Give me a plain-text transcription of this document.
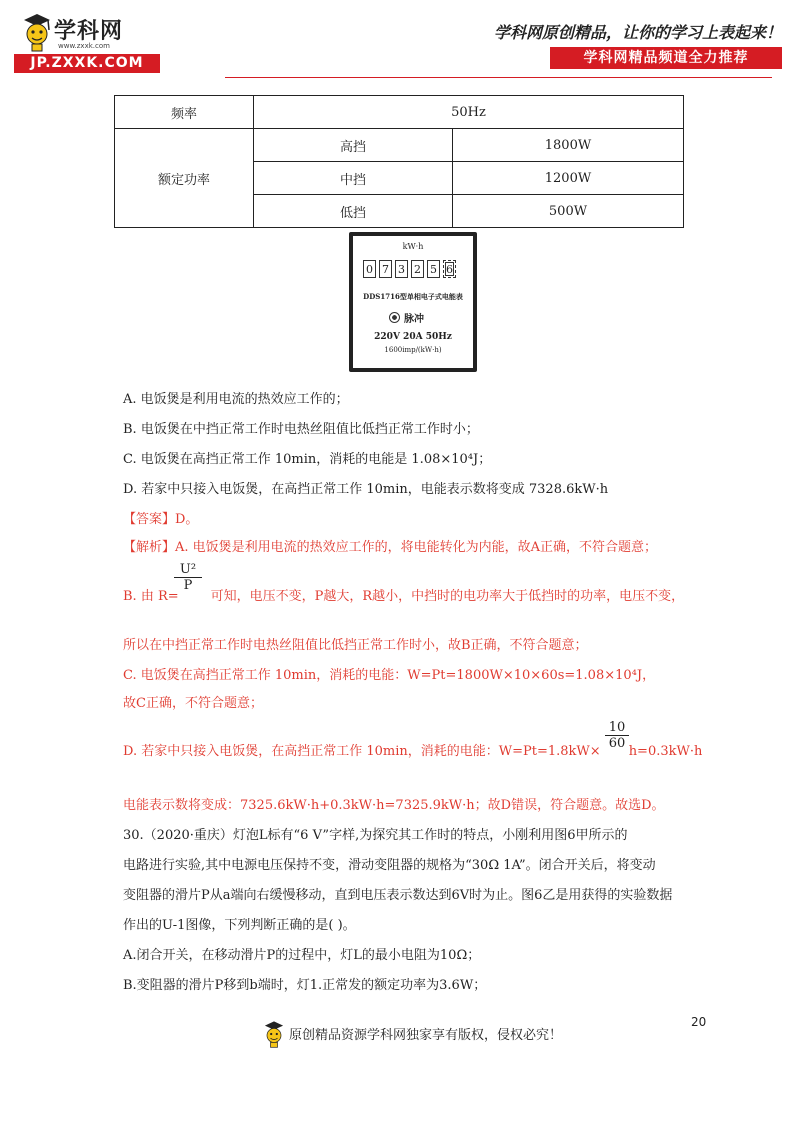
学科网
www.zxxk.com
JP.ZXXK.COM
学科网原创精品，让你的学习上表起来！
学科网精品频道全力推荐
频率	50Hz	
额定功率	高挡	1800W
	中挡	1200W
	低挡	500W
kW·h
0 7 3 2 5 6
DDS1716型单相电子式电能表
脉冲
220V 20A 50Hz
1600imp/(kW·h)
A. 电饭煲是利用电流的热效应工作的；
B. 电饭煲在中挡正常工作时电热丝阻值比低挡正常工作时小；
C. 电饭煲在高挡正常工作 10min，消耗的电能是 1.08×10⁴J；
D. 若家中只接入电饭煲，在高挡正常工作 10min，电能表示数将变成 7328.6kW·h
【答案】D。
【解析】A. 电饭煲是利用电流的热效应工作的，将电能转化为内能，故A正确，不符合题意；
B. 由 R= 可知，电压不变，P越大，R越小，中挡时的电功率大于低挡时的功率，电压不变，
$\frac{\text{U²}}{P}$
所以在中挡正常工作时电热丝阻值比低挡正常工作时小，故B正确，不符合题意；
C. 电饭煲在高挡正常工作 10min，消耗的电能：W=Pt=1800W×10×60s=1.08×10⁴J，
故C正确，不符合题意；
D. 若家中只接入电饭煲，在高挡正常工作 10min，消耗的电能：W=Pt=1.8kW× h=0.3kW·h
$\frac{10}{60}$
电能表示数将变成：7325.6kW·h+0.3kW·h=7325.9kW·h；故D错误，符合题意。故选D。
30.（2020·重庆）灯泡L标有“6 V”字样,为探究其工作时的特点，小刚利用图6甲所示的
电路进行实验,其中电源电压保持不变，滑动变阻器的规格为“30Ω 1A”。闭合开关后，将变动
变阻器的滑片P从a端向右缓慢移动，直到电压表示数达到6V时为止。图6乙是用获得的实验数据
作出的U-1图像，下列判断正确的是( )。
A.闭合开关，在移动滑片P的过程中，灯L的最小电阻为10Ω；
B.变阻器的滑片P移到b端时，灯1.正常发的额定功率为3.6W；
20
原创精品资源学科网独家享有版权，侵权必究！
